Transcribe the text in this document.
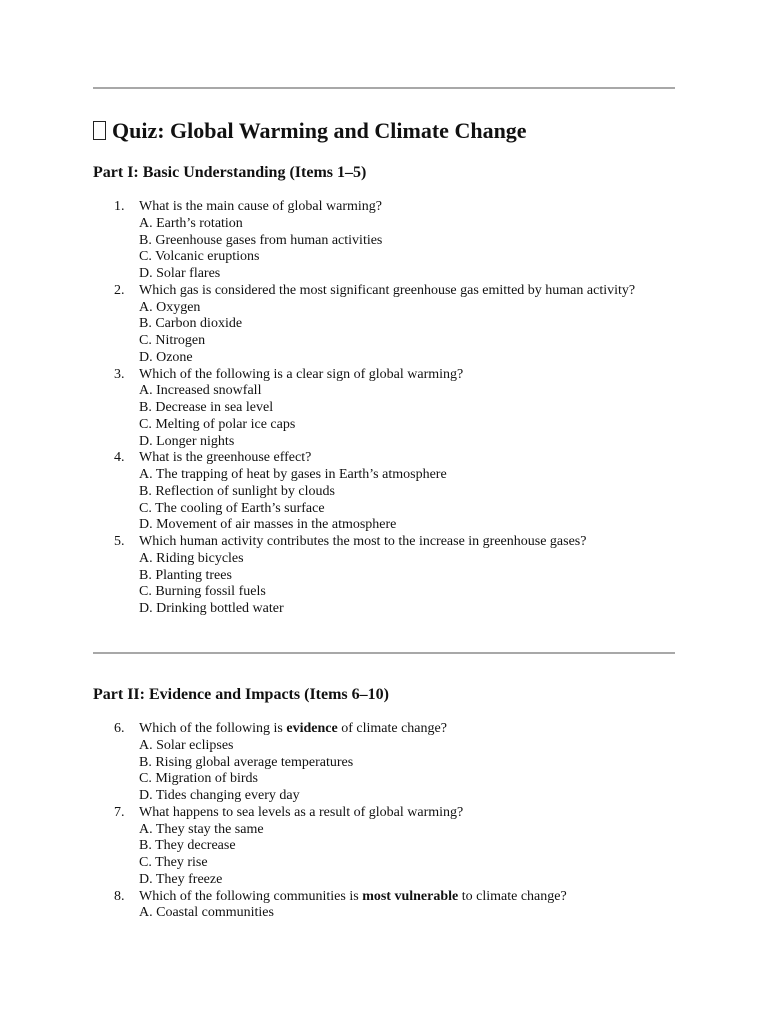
Quiz: Global Warming and Climate Change
Part I: Basic Understanding (Items 1–5)
1. What is the main cause of global warming?
A. Earth’s rotation
B. Greenhouse gases from human activities
C. Volcanic eruptions
D. Solar flares
2. Which gas is considered the most significant greenhouse gas emitted by human activity?
A. Oxygen
B. Carbon dioxide
C. Nitrogen
D. Ozone
3. Which of the following is a clear sign of global warming?
A. Increased snowfall
B. Decrease in sea level
C. Melting of polar ice caps
D. Longer nights
4. What is the greenhouse effect?
A. The trapping of heat by gases in Earth’s atmosphere
B. Reflection of sunlight by clouds
C. The cooling of Earth’s surface
D. Movement of air masses in the atmosphere
5. Which human activity contributes the most to the increase in greenhouse gases?
A. Riding bicycles
B. Planting trees
C. Burning fossil fuels
D. Drinking bottled water
Part II: Evidence and Impacts (Items 6–10)
6. Which of the following is evidence of climate change?
A. Solar eclipses
B. Rising global average temperatures
C. Migration of birds
D. Tides changing every day
7. What happens to sea levels as a result of global warming?
A. They stay the same
B. They decrease
C. They rise
D. They freeze
8. Which of the following communities is most vulnerable to climate change?
A. Coastal communities
